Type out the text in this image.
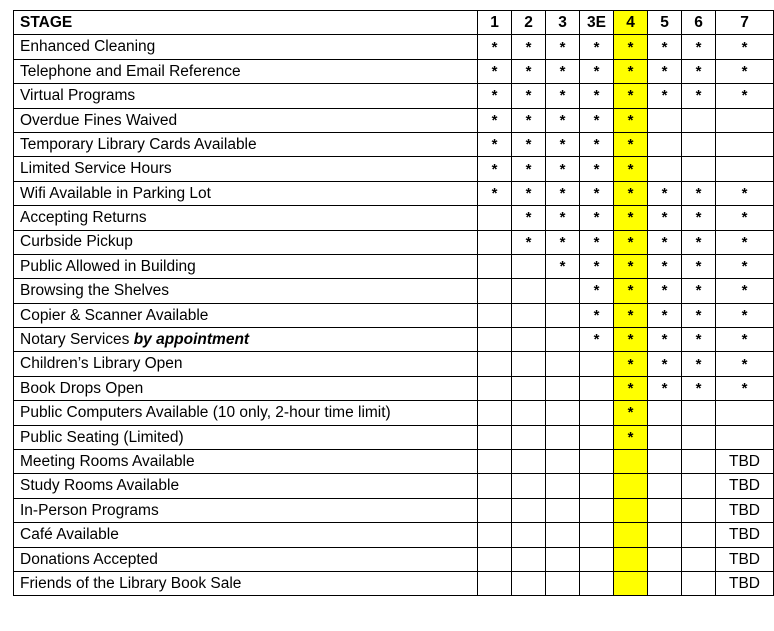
STAGE	1	2	3	3E	4	5	6	7
Enhanced Cleaning	*	*	*	*	*	*	*	*
Telephone and Email Reference	*	*	*	*	*	*	*	*
Virtual Programs	*	*	*	*	*	*	*	*
Overdue Fines Waived	*	*	*	*	*			
Temporary Library Cards Available	*	*	*	*	*			
Limited Service Hours	*	*	*	*	*			
Wifi Available in Parking Lot	*	*	*	*	*	*	*	*
Accepting Returns		*	*	*	*	*	*	*
Curbside Pickup		*	*	*	*	*	*	*
Public Allowed in Building			*	*	*	*	*	*
Browsing the Shelves				*	*	*	*	*
Copier & Scanner Available				*	*	*	*	*
Notary Services by appointment				*	*	*	*	*
Children’s Library Open					*	*	*	*
Book Drops Open					*	*	*	*
Public Computers Available (10 only, 2-hour time limit)					*			
Public Seating (Limited)					*			
Meeting Rooms Available								TBD
Study Rooms Available								TBD
In-Person Programs								TBD
Café Available								TBD
Donations Accepted								TBD
Friends of the Library Book Sale								TBD
